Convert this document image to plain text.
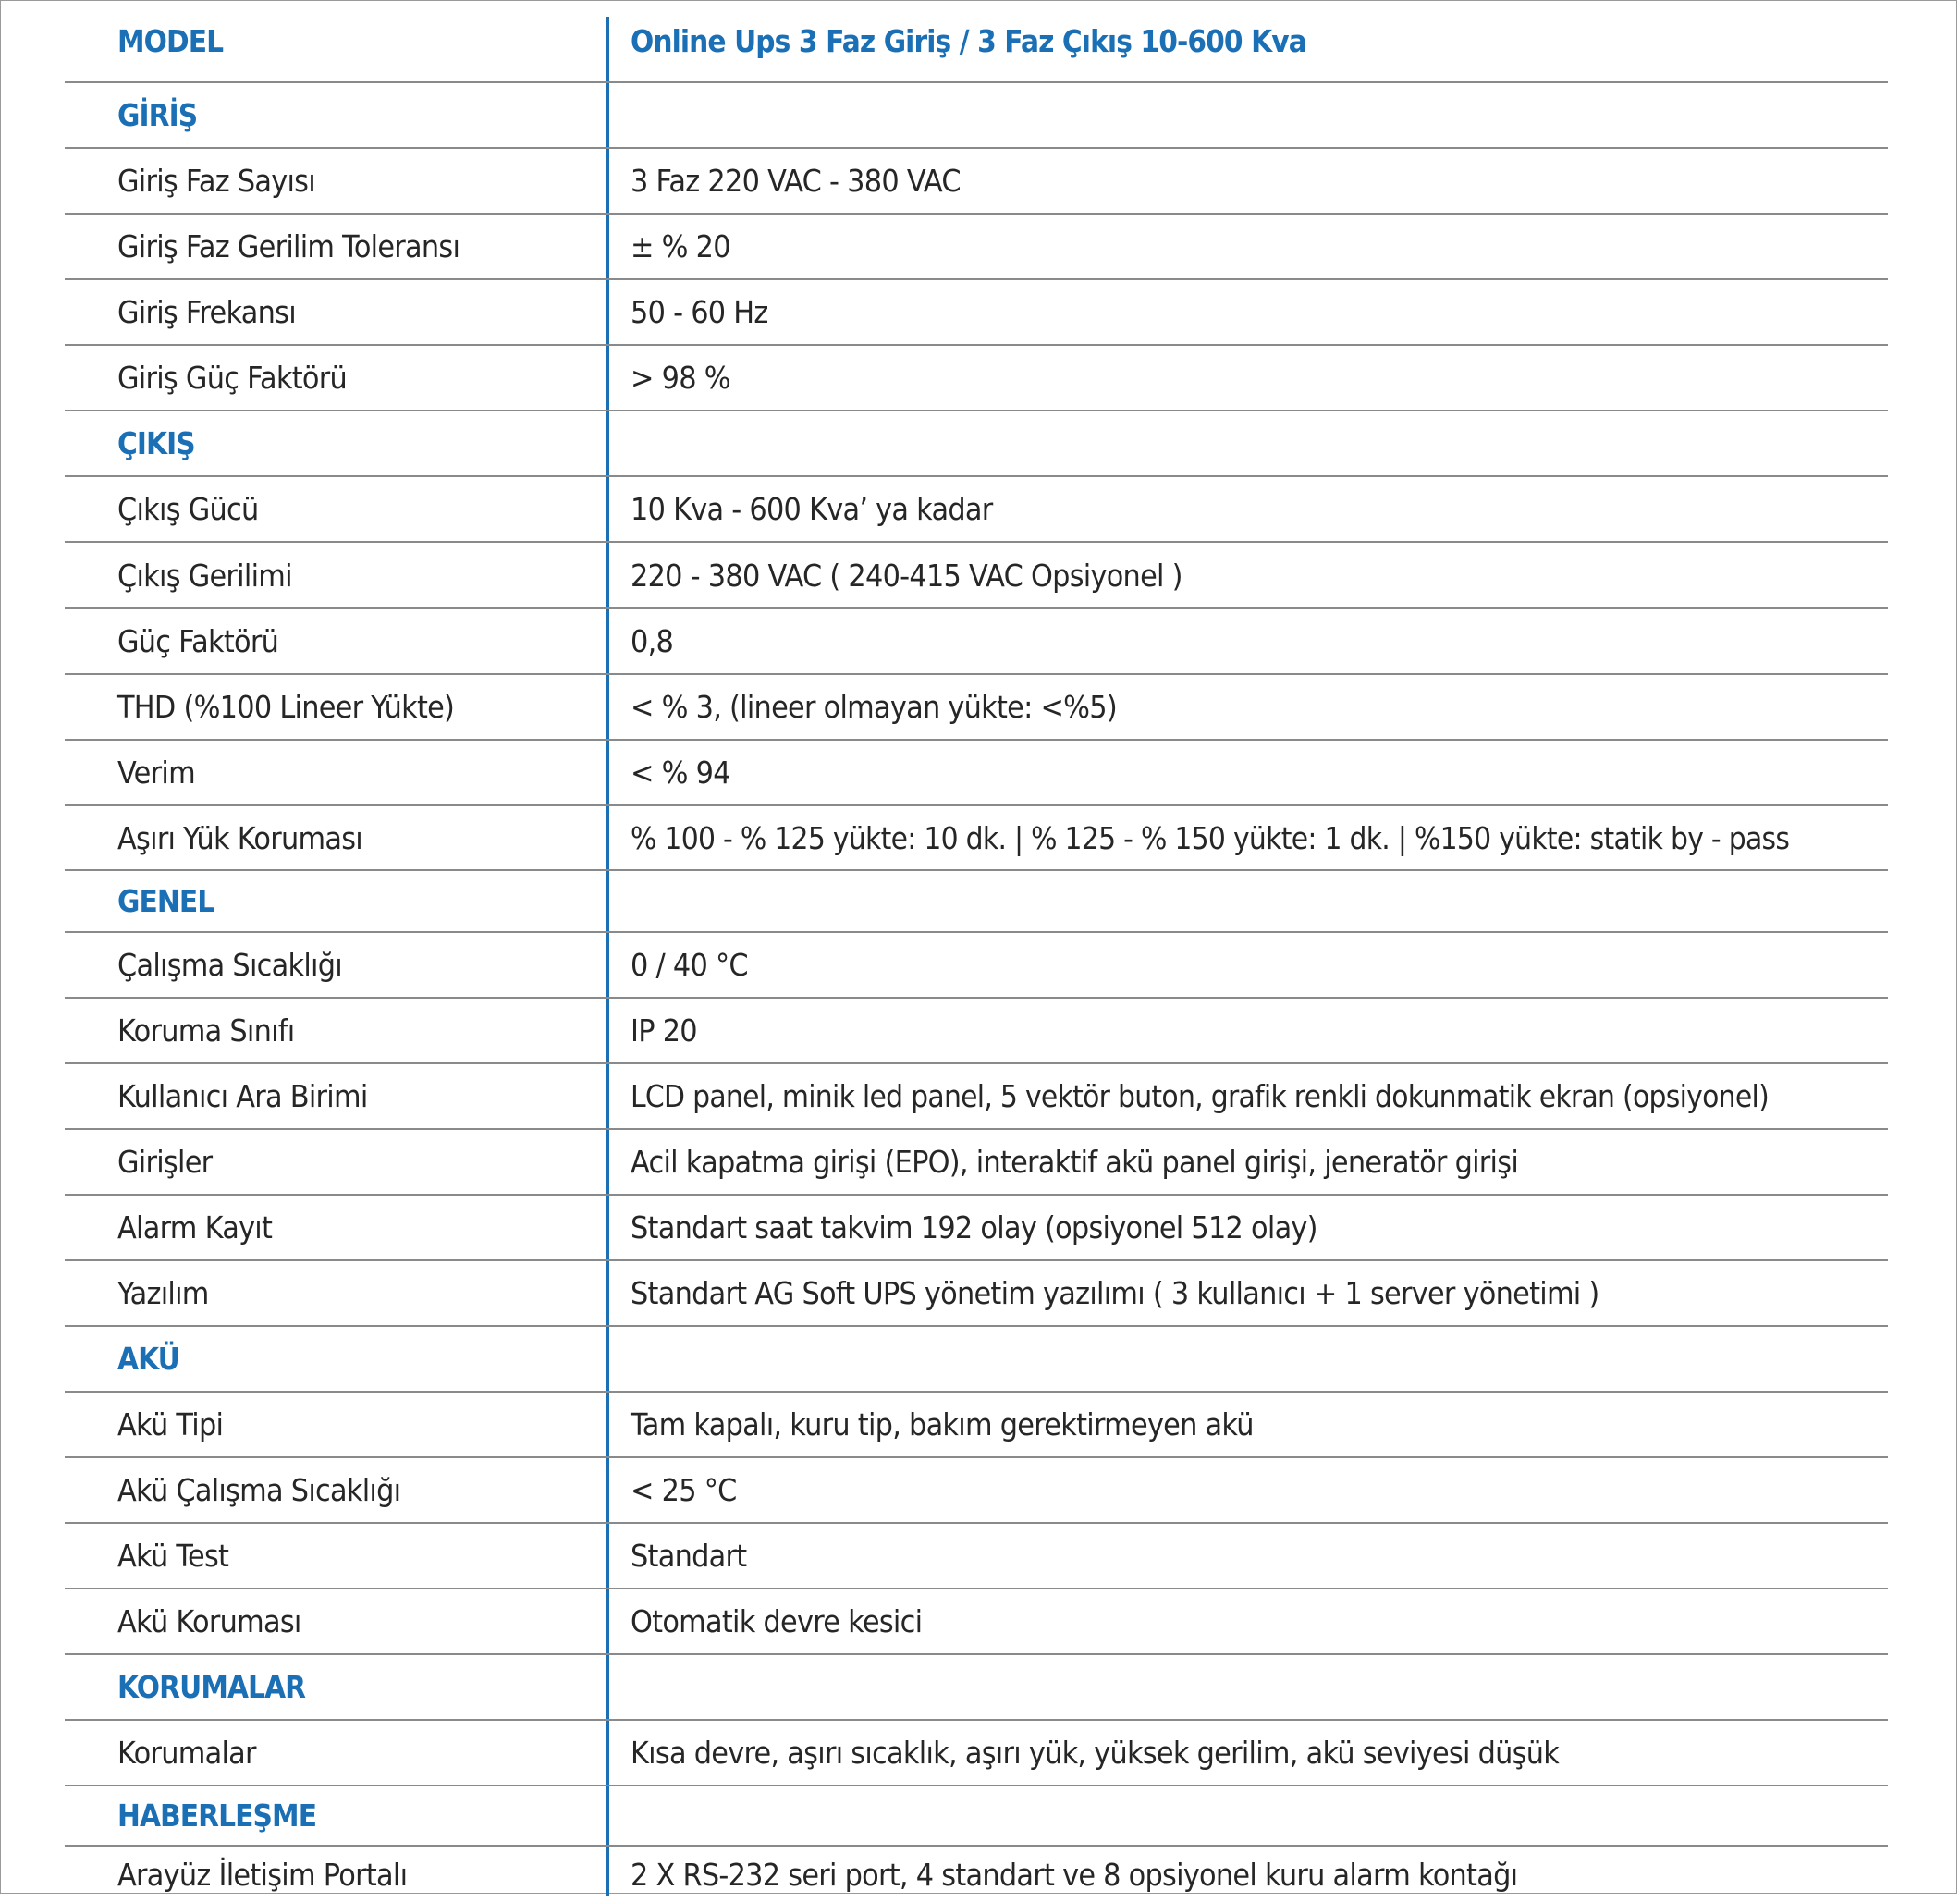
MODEL	Online Ups 3 Faz Giriş / 3 Faz Çıkış 10-600 Kva
GİRİŞ
Giriş Faz Sayısı	3 Faz 220 VAC - 380 VAC
Giriş Faz Gerilim Toleransı	± % 20
Giriş Frekansı	50 - 60 Hz
Giriş Güç Faktörü	> 98 %
ÇIKIŞ
Çıkış Gücü	10 Kva - 600 Kva’ ya kadar
Çıkış Gerilimi	220 - 380 VAC ( 240-415 VAC Opsiyonel )
Güç Faktörü	0,8
THD (%100 Lineer Yükte)	< % 3, (lineer olmayan yükte: <%5)
Verim	< % 94
Aşırı Yük Koruması	% 100 - % 125 yükte: 10 dk. | % 125 - % 150 yükte: 1 dk. | %150 yükte: statik by - pass
GENEL
Çalışma Sıcaklığı	0 / 40 °C
Koruma Sınıfı	IP 20
Kullanıcı Ara Birimi	LCD panel, minik led panel, 5 vektör buton, grafik renkli dokunmatik ekran (opsiyonel)
Girişler	Acil kapatma girişi (EPO), interaktif akü panel girişi, jeneratör girişi
Alarm Kayıt	Standart saat takvim 192 olay (opsiyonel 512 olay)
Yazılım	Standart AG Soft UPS yönetim yazılımı ( 3 kullanıcı + 1 server yönetimi )
AKÜ
Akü Tipi	Tam kapalı, kuru tip, bakım gerektirmeyen akü
Akü Çalışma Sıcaklığı	< 25 °C
Akü Test	Standart
Akü Koruması	Otomatik devre kesici
KORUMALAR
Korumalar	Kısa devre, aşırı sıcaklık, aşırı yük, yüksek gerilim, akü seviyesi düşük
HABERLEŞME
Arayüz İletişim Portalı	2 X RS-232 seri port, 4 standart ve 8 opsiyonel kuru alarm kontağı
